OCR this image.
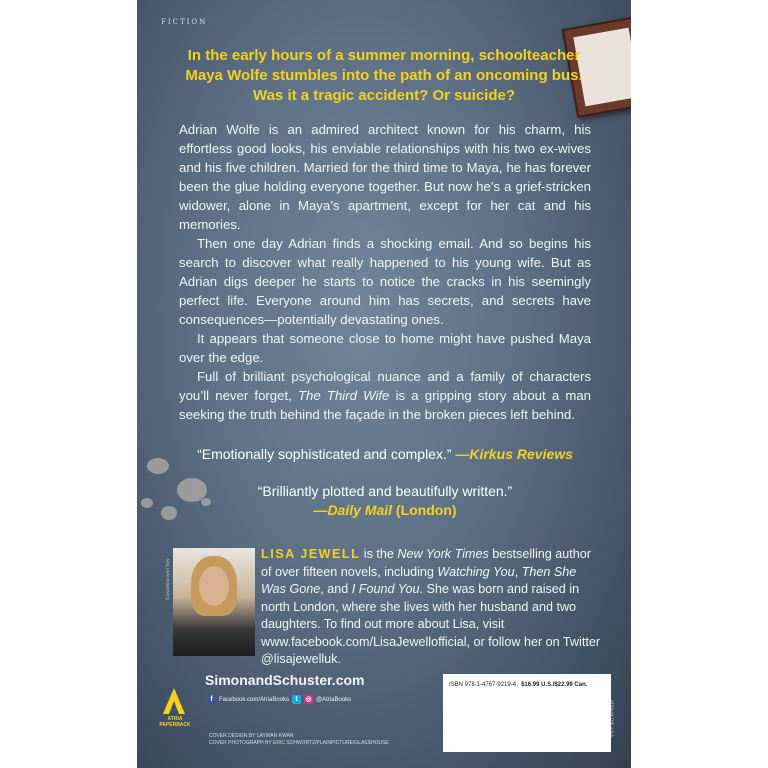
FICTION
In the early hours of a summer morning, schoolteacher Maya Wolfe stumbles into the path of an oncoming bus. Was it a tragic accident? Or suicide?

Adrian Wolfe is an admired architect known for his charm, his effortless good looks, his enviable relationships with his two ex-wives and his five children. Married for the third time to Maya, he has forever been the glue holding everyone together. But now he’s a grief-stricken widower, alone in Maya’s apartment, except for her cat and his memories.

Then one day Adrian finds a shocking email. And so begins his search to discover what really happened to his young wife. But as Adrian digs deeper he starts to notice the cracks in his seemingly perfect life. Everyone around him has secrets, and secrets have consequences—potentially devastating ones.

It appears that someone close to home might have pushed Maya over the edge.

Full of brilliant psychological nuance and a family of characters you’ll never forget, The Third Wife is a gripping story about a man seeking the truth behind the façade in the broken pieces left behind.

“Emotionally sophisticated and complex.” —Kirkus Reviews
“Brilliantly plotted and beautifully written.”
—Daily Mail (London)
© ANDREW WHITTON
LISA JEWELL is the New York Times bestselling author of over fifteen novels, including Watching You, Then She Was Gone, and I Found You. She was born and raised in north London, where she lives with her husband and two daughters. To find out more about Lisa, visit www.facebook.com/LisaJewellofficial, or follow her on Twitter @lisajewelluk.
ATRIA
PAPERBACK
SimonandSchuster.com
f	Facebook.com/AtriaBooks t	◎ @AtriaBooks
COVER DESIGN BY LAYWAN KWAN
COVER PHOTOGRAPH BY ERIC SCHWORTZ/PLAINPICTURE/GLASSHOUSE
ISBN 978-1-4767-9219-4 $16.99 U.S./$22.99 Can.
ATRIA IN THE U.S.A.
